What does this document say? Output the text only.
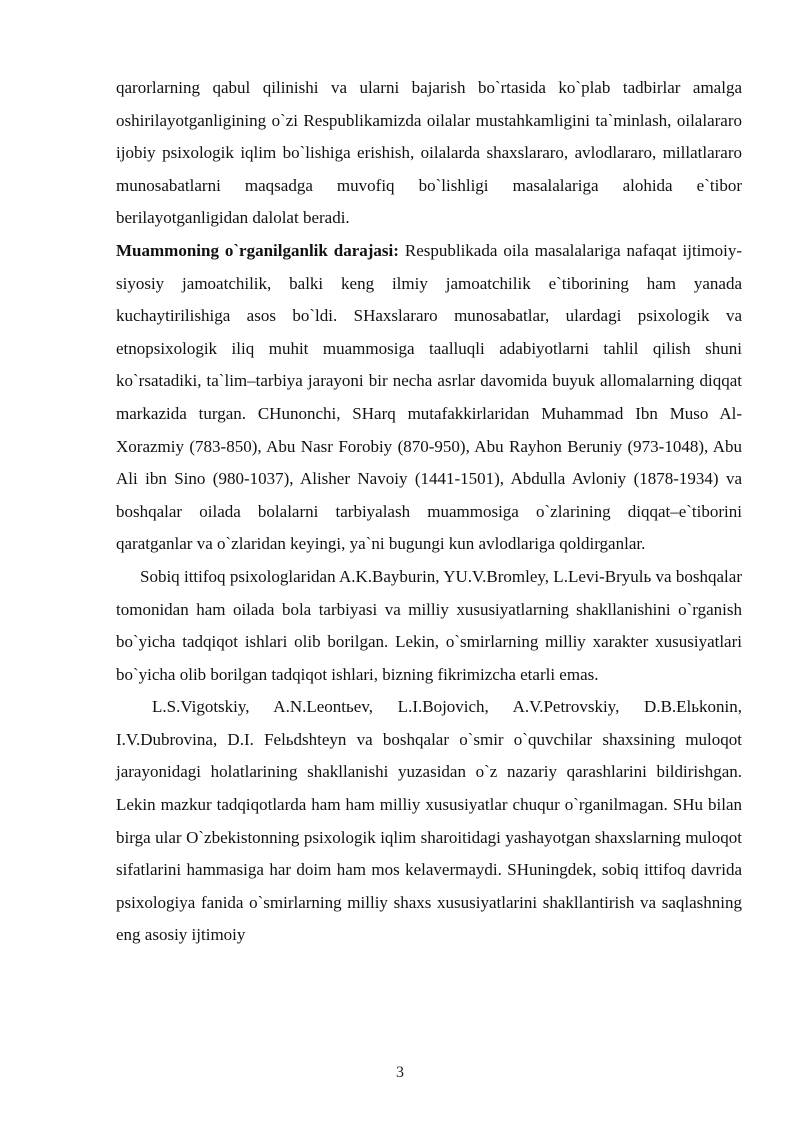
qarorlarning qabul qilinishi va ularni bajarish bo`rtasida ko`plab tadbirlar amalga oshirilayotganligining o`zi Respublikamizda oilalar mustahkamligini ta`minlash, oilalararo ijobiy psixologik iqlim bo`lishiga erishish, oilalarda shaxslararo, avlodlararo, millatlararo munosabatlarni maqsadga muvofiq bo`lishligi masalalariga alohida e`tibor berilayotganligidan dalolat beradi.

Muammoning o`rganilganlik darajasi: Respublikada oila masalalariga nafaqat ijtimoiy-siyosiy jamoatchilik, balki keng ilmiy jamoatchilik e`tiborining ham yanada kuchaytirilishiga asos bo`ldi. SHaxslararo munosabatlar, ulardagi psixologik va etnopsixologik iliq muhit muammosiga taalluqli adabiyotlarni tahlil qilish shuni ko`rsatadiki, ta`lim–tarbiya jarayoni bir necha asrlar davomida buyuk allomalarning diqqat markazida turgan. CHunonchi, SHarq mutafakkirlaridan Muhammad Ibn Muso Al-Xorazmiy (783-850), Abu Nasr Forobiy (870-950), Abu Rayhon Beruniy (973-1048), Abu Ali ibn Sino (980-1037), Alisher Navoiy (1441-1501), Abdulla Avloniy (1878-1934) va boshqalar oilada bolalarni tarbiyalash muammosiga o`zlarining diqqat–e`tiborini qaratganlar va o`zlaridan keyingi, ya`ni bugungi kun avlodlariga qoldirganlar.

Sobiq ittifoq psixologlaridan A.K.Bayburin, YU.V.Bromley, L.Levi-Bryulь va boshqalar tomonidan ham oilada bola tarbiyasi va milliy xususiyatlarning shakllanishini o`rganish bo`yicha tadqiqot ishlari olib borilgan. Lekin, o`smirlarning milliy xarakter xususiyatlari bo`yicha olib borilgan tadqiqot ishlari, bizning fikrimizcha etarli emas.

L.S.Vigotskiy, A.N.Leontьev, L.I.Bojovich, A.V.Petrovskiy, D.B.Elьkonin, I.V.Dubrovina, D.I. Felьdshteyn va boshqalar o`smir o`quvchilar shaxsining muloqot jarayonidagi holatlarining shakllanishi yuzasidan o`z nazariy qarashlarini bildirishgan. Lekin mazkur tadqiqotlarda ham ham milliy xususiyatlar chuqur o`rganilmagan. SHu bilan birga ular O`zbekistonning psixologik iqlim sharoitidagi yashayotgan shaxslarning muloqot sifatlarini hammasiga har doim ham mos kelavermaydi. SHuningdek, sobiq ittifoq davrida psixologiya fanida o`smirlarning milliy shaxs xususiyatlarini shakllantirish va saqlashning eng asosiy ijtimoiy

3
